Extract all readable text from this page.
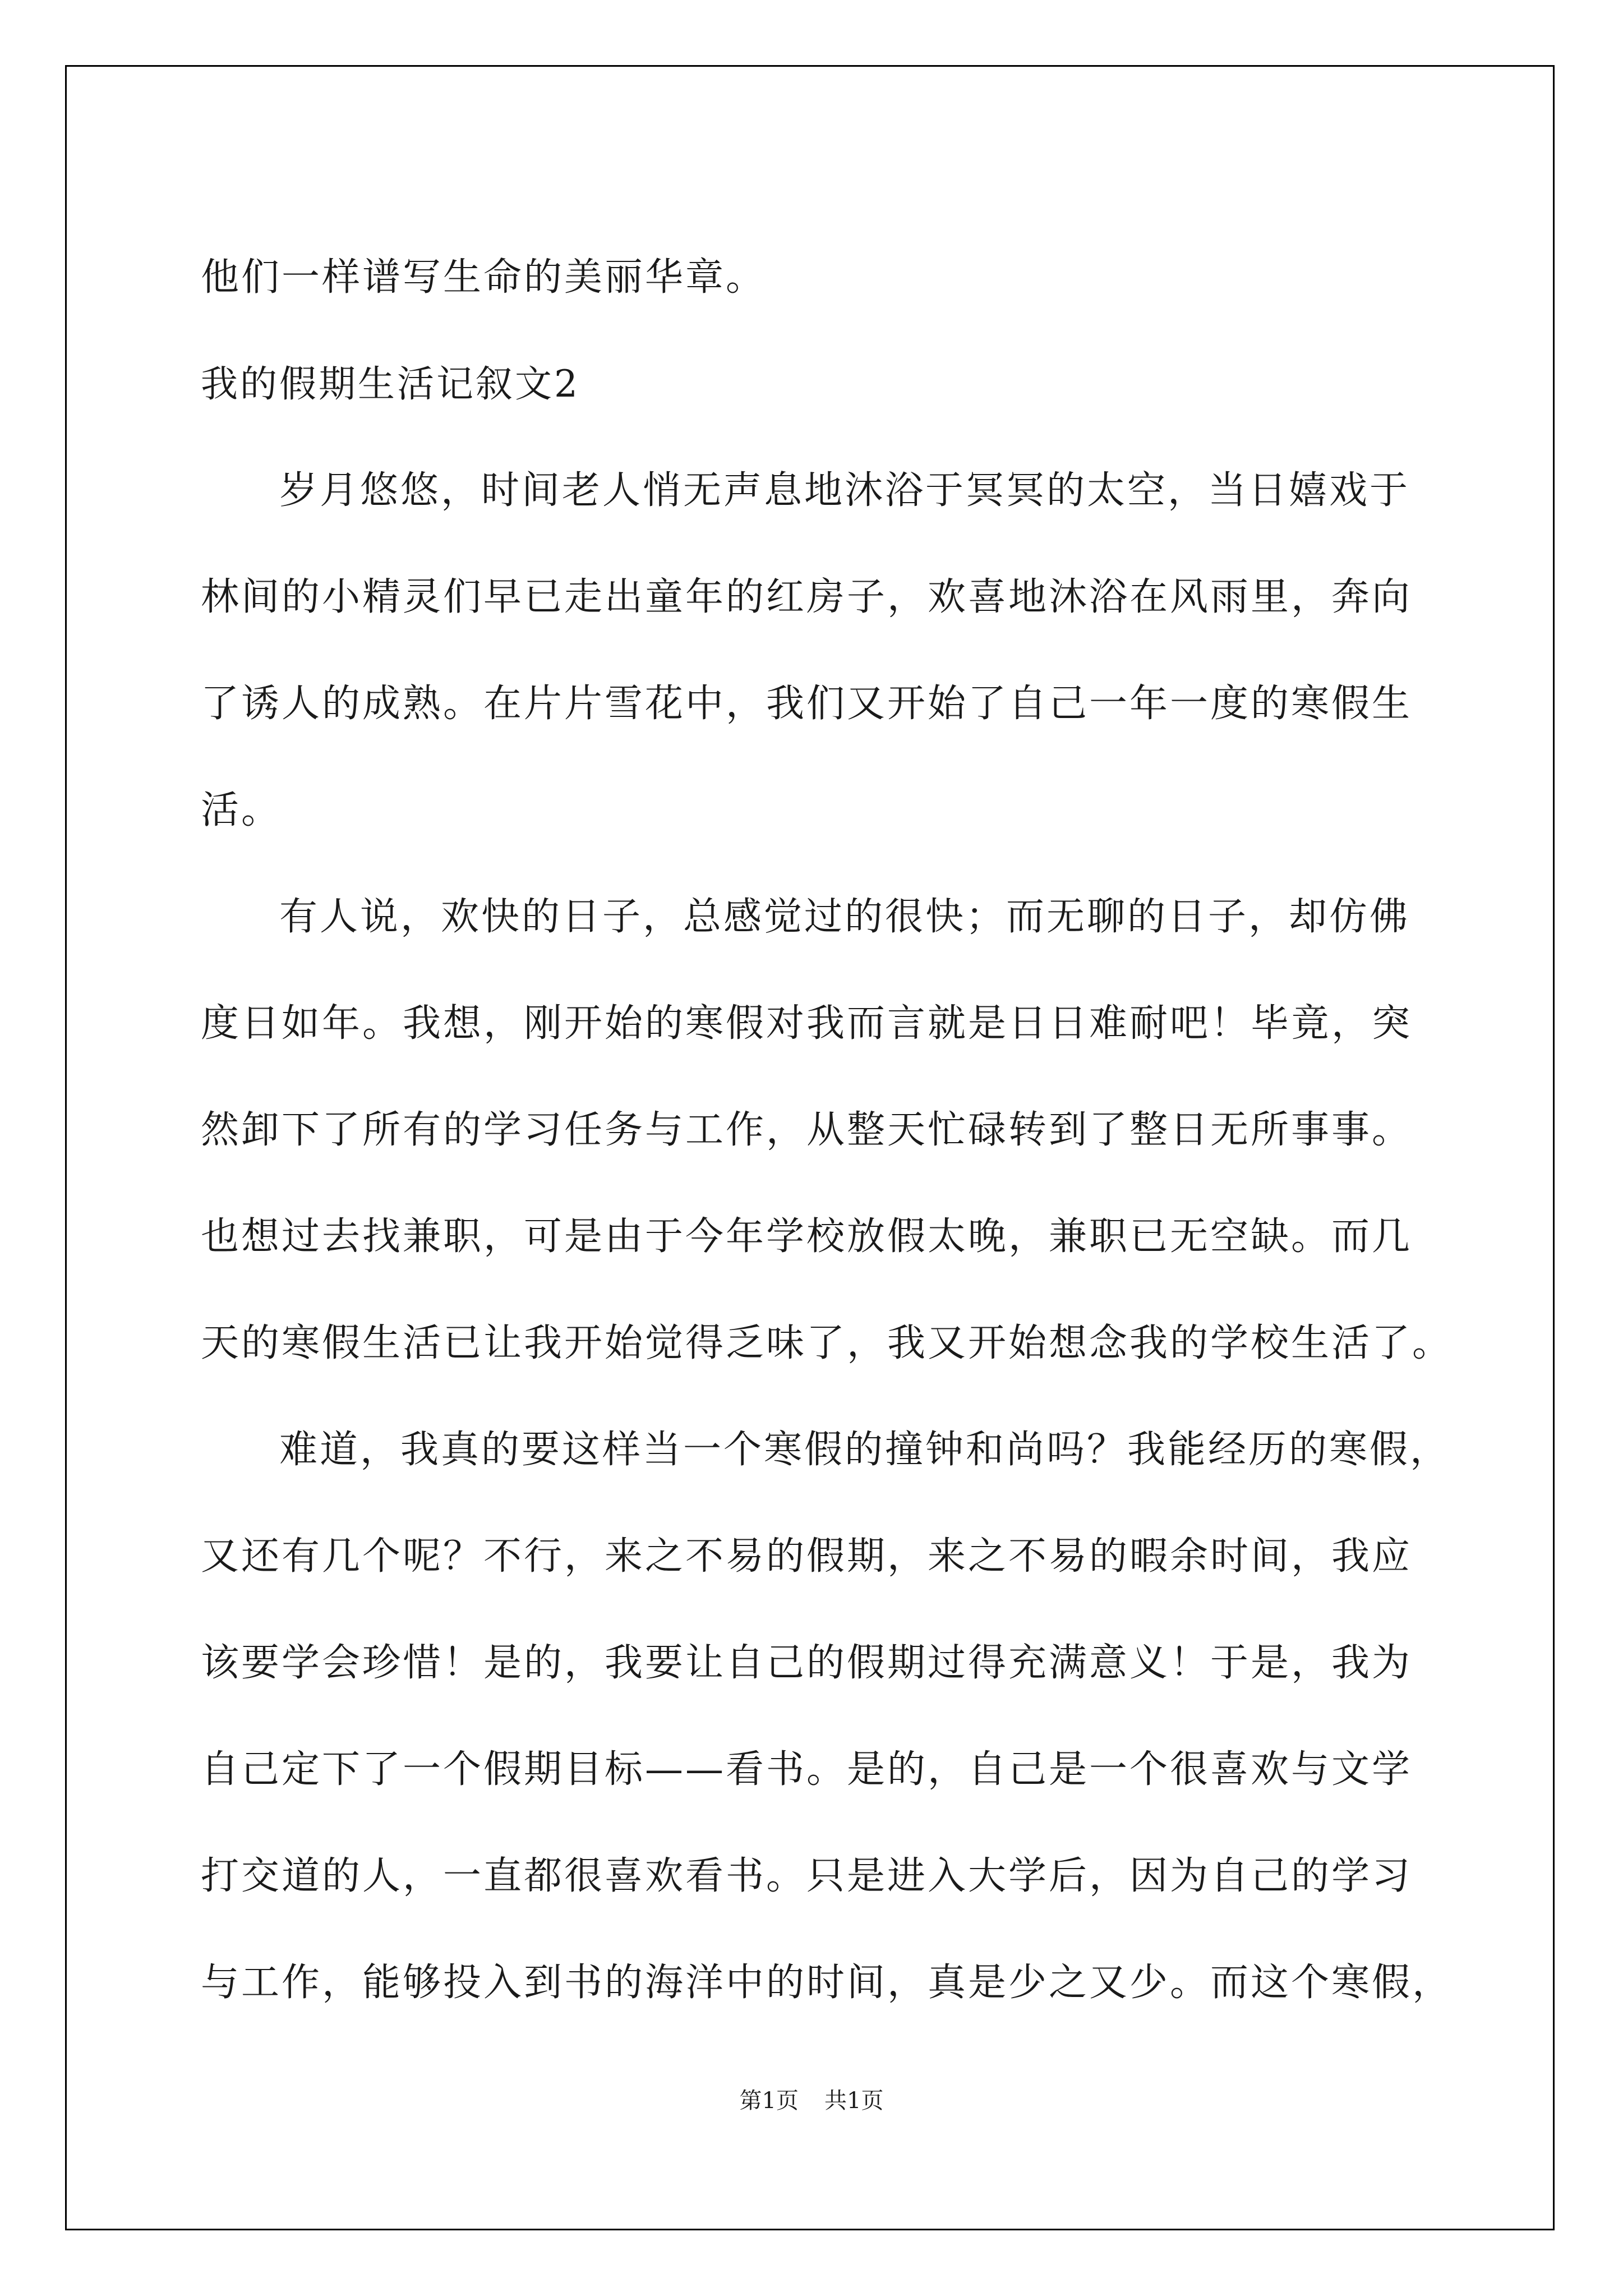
他们一样谱写生命的美丽华章。
我的假期生活记叙文2
岁月悠悠，时间老人悄无声息地沐浴于冥冥的太空，当日嬉戏于
林间的小精灵们早已走出童年的红房子，欢喜地沐浴在风雨里，奔向
了诱人的成熟。在片片雪花中，我们又开始了自己一年一度的寒假生
活。
有人说，欢快的日子，总感觉过的很快；而无聊的日子，却仿佛
度日如年。我想，刚开始的寒假对我而言就是日日难耐吧！毕竟，突
然卸下了所有的学习任务与工作，从整天忙碌转到了整日无所事事。
也想过去找兼职，可是由于今年学校放假太晚，兼职已无空缺。而几
天的寒假生活已让我开始觉得乏味了，我又开始想念我的学校生活了。
难道，我真的要这样当一个寒假的撞钟和尚吗？我能经历的寒假，
又还有几个呢？不行，来之不易的假期，来之不易的暇余时间，我应
该要学会珍惜！是的，我要让自己的假期过得充满意义！于是，我为
自己定下了一个假期目标——看书。是的，自己是一个很喜欢与文学
打交道的人，一直都很喜欢看书。只是进入大学后，因为自己的学习
与工作，能够投入到书的海洋中的时间，真是少之又少。而这个寒假，
第1页 共1页
